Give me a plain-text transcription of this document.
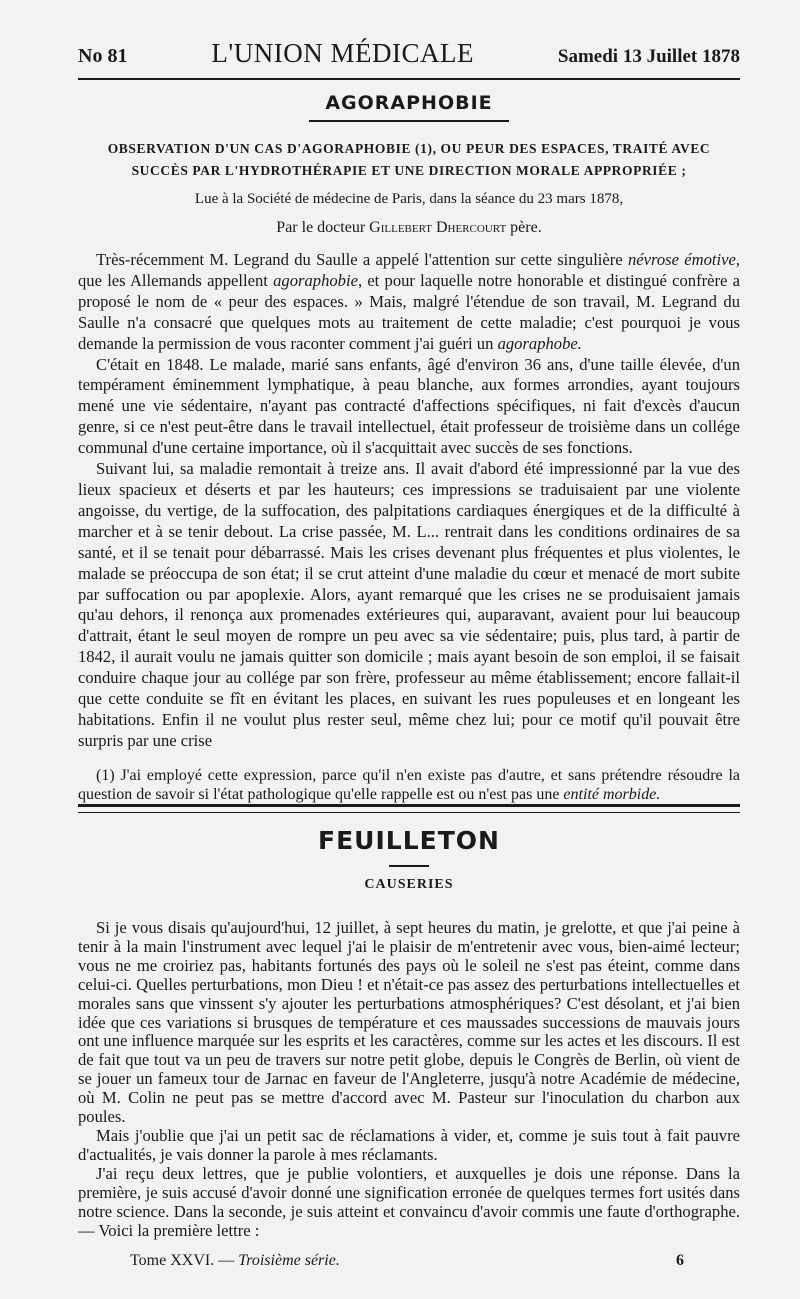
No 81	L'UNION MÉDICALE	Samedi 13 Juillet 1878
AGORAPHOBIE

OBSERVATION D'UN CAS D'AGORAPHOBIE (1), OU PEUR DES ESPACES, TRAITÉ AVEC SUCCÈS PAR L'HYDROTHÉRAPIE ET UNE DIRECTION MORALE APPROPRIÉE ;

Lue à la Société de médecine de Paris, dans la séance du 23 mars 1878,

Par le docteur Gillebert Dhercourt père.

Très-récemment M. Legrand du Saulle a appelé l'attention sur cette singulière névrose émotive, que les Allemands appellent agoraphobie, et pour laquelle notre honorable et distingué confrère a proposé le nom de « peur des espaces. » Mais, malgré l'étendue de son travail, M. Legrand du Saulle n'a consacré que quelques mots au traitement de cette maladie; c'est pourquoi je vous demande la permission de vous raconter comment j'ai guéri un agoraphobe.

C'était en 1848. Le malade, marié sans enfants, âgé d'environ 36 ans, d'une taille élevée, d'un tempérament éminemment lymphatique, à peau blanche, aux formes arrondies, ayant toujours mené une vie sédentaire, n'ayant pas contracté d'affections spécifiques, ni fait d'excès d'aucun genre, si ce n'est peut-être dans le travail intellectuel, était professeur de troisième dans un collége communal d'une certaine importance, où il s'acquittait avec succès de ses fonctions.

Suivant lui, sa maladie remontait à treize ans. Il avait d'abord été impressionné par la vue des lieux spacieux et déserts et par les hauteurs; ces impressions se traduisaient par une violente angoisse, du vertige, de la suffocation, des palpitations cardiaques énergiques et de la difficulté à marcher et à se tenir debout. La crise passée, M. L... rentrait dans les conditions ordinaires de sa santé, et il se tenait pour débarrassé. Mais les crises devenant plus fréquentes et plus violentes, le malade se préoccupa de son état; il se crut atteint d'une maladie du cœur et menacé de mort subite par suffocation ou par apoplexie. Alors, ayant remarqué que les crises ne se produisaient jamais qu'au dehors, il renonça aux promenades extérieures qui, auparavant, avaient pour lui beaucoup d'attrait, étant le seul moyen de rompre un peu avec sa vie sédentaire; puis, plus tard, à partir de 1842, il aurait voulu ne jamais quitter son domicile ; mais ayant besoin de son emploi, il se faisait conduire chaque jour au collége par son frère, professeur au même établissement; encore fallait-il que cette conduite se fît en évitant les places, en suivant les rues populeuses et en longeant les habitations. Enfin il ne voulut plus rester seul, même chez lui; pour ce motif qu'il pouvait être surpris par une crise

(1) J'ai employé cette expression, parce qu'il n'en existe pas d'autre, et sans prétendre résoudre la question de savoir si l'état pathologique qu'elle rappelle est ou n'est pas une entité morbide.

FEUILLETON

CAUSERIES

Si je vous disais qu'aujourd'hui, 12 juillet, à sept heures du matin, je grelotte, et que j'ai peine à tenir à la main l'instrument avec lequel j'ai le plaisir de m'entretenir avec vous, bien-aimé lecteur; vous ne me croiriez pas, habitants fortunés des pays où le soleil ne s'est pas éteint, comme dans celui-ci. Quelles perturbations, mon Dieu ! et n'était-ce pas assez des perturbations intellectuelles et morales sans que vinssent s'y ajouter les perturbations atmosphériques? C'est désolant, et j'ai bien idée que ces variations si brusques de température et ces maussades successions de mauvais jours ont une influence marquée sur les esprits et les caractères, comme sur les actes et les discours. Il est de fait que tout va un peu de travers sur notre petit globe, depuis le Congrès de Berlin, où vient de se jouer un fameux tour de Jarnac en faveur de l'Angleterre, jusqu'à notre Académie de médecine, où M. Colin ne peut pas se mettre d'accord avec M. Pasteur sur l'inoculation du charbon aux poules.

Mais j'oublie que j'ai un petit sac de réclamations à vider, et, comme je suis tout à fait pauvre d'actualités, je vais donner la parole à mes réclamants.

J'ai reçu deux lettres, que je publie volontiers, et auxquelles je dois une réponse. Dans la première, je suis accusé d'avoir donné une signification erronée de quelques termes fort usités dans notre science. Dans la seconde, je suis atteint et convaincu d'avoir commis une faute d'orthographe. — Voici la première lettre :

Tome XXVI. — Troisième série.	6
